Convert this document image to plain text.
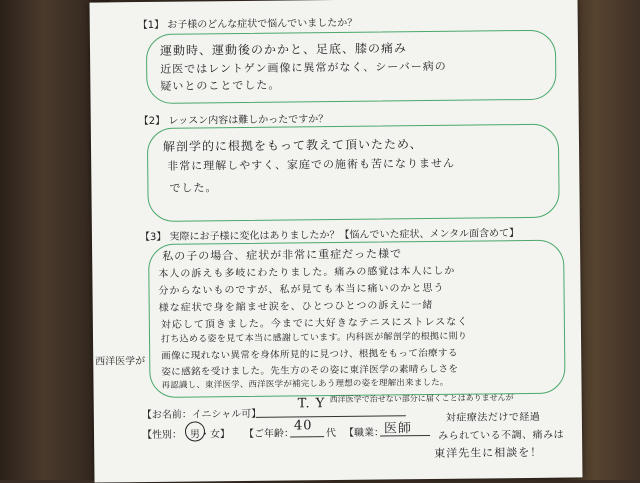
【1】 お子様のどんな症状で悩んでいましたか？
運動時、運動後のかかと、足底、膝の痛み
近医ではレントゲン画像に異常がなく、シーバー病の
疑いとのことでした。
【2】 レッスン内容は難しかったですか？
解剖学的に根拠をもって教えて頂いたため、
非常に理解しやすく、家庭での施術も苦になりません
でした。
【3】 実際にお子様に変化はありましたか？【悩んでいた症状、メンタル面含めて】
私の子の場合、症状が非常に重症だった様で
本人の訴えも多岐にわたりました。痛みの感覚は本人にしか
分からないものですが、私が見ても本当に痛いのかと思う
様な症状で身を縮ませ涙を、ひとつひとつの訴えに一緒
対応して頂きました。今までに大好きなテニスにストレスなく
打ち込める姿を見て本当に感謝しています。内科医が解剖学的根拠に則り
画像に現れない異常を身体所見的に見つけ、根拠をもって治療する
姿に感銘を受けました。先生方のその姿に東洋医学の素晴らしさを
再認識し、東洋医学、西洋医学が補完しあう理想の姿を理解出来ました。
西洋医学が
西洋医学で治せない部分に届くことはありませんが
対症療法だけで経過
みられている不調、痛みは
東洋先生に相談を！
【お名前：イニシャル可】
T. Y
【性別： 男・女】 【ご年齢：
40
代 【職業： 医師
